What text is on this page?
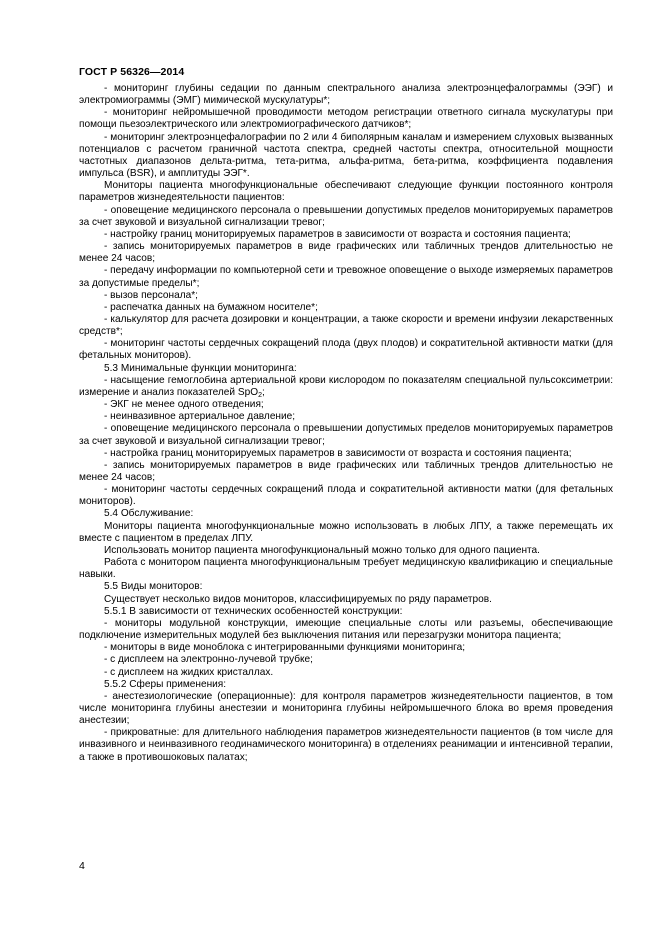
ГОСТ Р 56326—2014

- мониторинг глубины седации по данным спектрального анализа электроэнцефалограммы (ЭЭГ) и электромиограммы (ЭМГ) мимической мускулатуры*;

- мониторинг нейромышечной проводимости методом регистрации ответного сигнала мускулатуры при помощи пьезоэлектрического или электромиографического датчиков*;

- мониторинг электроэнцефалографии по 2 или 4 биполярным каналам и измерением слуховых вызванных потенциалов с расчетом граничной частота спектра, средней частоты спектра, относительной мощности частотных диапазонов дельта-ритма, тета-ритма, альфа-ритма, бета-ритма, коэффициента подавления импульса (BSR), и амплитуды ЭЭГ*.

Мониторы пациента многофункциональные обеспечивают следующие функции постоянного контроля параметров жизнедеятельности пациентов:

- оповещение медицинского персонала о превышении допустимых пределов мониторируемых параметров за счет звуковой и визуальной сигнализации тревог;

- настройку границ мониторируемых параметров в зависимости от возраста и состояния пациента;

- запись мониторируемых параметров в виде графических или табличных трендов длительностью не менее 24 часов;

- передачу информации по компьютерной сети и тревожное оповещение о выходе измеряемых параметров за допустимые пределы*;

- вызов персонала*;

- распечатка данных на бумажном носителе*;

- калькулятор для расчета дозировки и концентрации, а также скорости и времени инфузии лекарственных средств*;

- мониторинг частоты сердечных сокращений плода (двух плодов) и сократительной активности матки (для фетальных мониторов).

5.3 Минимальные функции мониторинга:

- насыщение гемоглобина артериальной крови кислородом по показателям специальной пульсоксиметрии: измерение и анализ показателей SpO$_2$;

- ЭКГ не менее одного отведения;

- неинвазивное артериальное давление;

- оповещение медицинского персонала о превышении допустимых пределов мониторируемых параметров за счет звуковой и визуальной сигнализации тревог;

- настройка границ мониторируемых параметров в зависимости от возраста и состояния пациента;

- запись мониторируемых параметров в виде графических или табличных трендов длительностью не менее 24 часов;

- мониторинг частоты сердечных сокращений плода и сократительной активности матки (для фетальных мониторов).

5.4 Обслуживание:

Мониторы пациента многофункциональные можно использовать в любых ЛПУ, а также перемещать их вместе с пациентом в пределах ЛПУ.

Использовать монитор пациента многофункциональный можно только для одного пациента.

Работа с монитором пациента многофункциональным требует медицинскую квалификацию и специальные навыки.

5.5 Виды мониторов:

Существует несколько видов мониторов, классифицируемых по ряду параметров.

5.5.1 В зависимости от технических особенностей конструкции:

- мониторы модульной конструкции, имеющие специальные слоты или разъемы, обеспечивающие подключение измерительных модулей без выключения питания или перезагрузки монитора пациента;

- мониторы в виде моноблока с интегрированными функциями мониторинга;

- с дисплеем на электронно-лучевой трубке;

- с дисплеем на жидких кристаллах.

5.5.2 Сферы применения:

- анестезиологические (операционные): для контроля параметров жизнедеятельности пациентов, в том числе мониторинга глубины анестезии и мониторинга глубины нейромышечного блока во время проведения анестезии;

- прикроватные: для длительного наблюдения параметров жизнедеятельности пациентов (в том числе для инвазивного и неинвазивного геодинамического мониторинга) в отделениях реанимации и интенсивной терапии, а также в противошоковых палатах;

4
